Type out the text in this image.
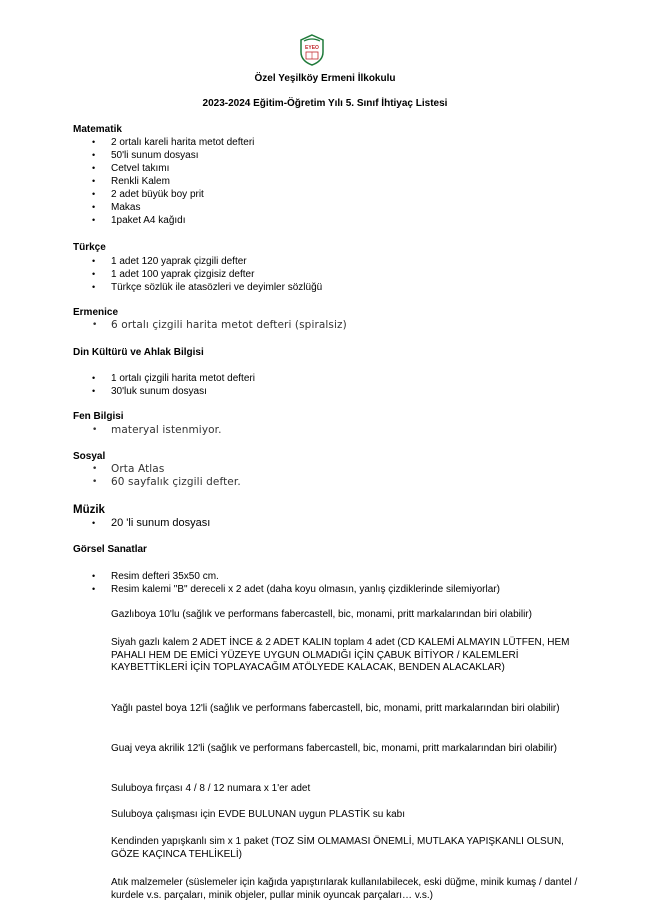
EYEO
Özel Yeşilköy Ermeni İlkokulu
2023-2024 Eğitim-Öğretim Yılı 5. Sınıf İhtiyaç Listesi
Matematik
• 2 ortalı kareli harita metot defteri
• 50'li sunum dosyası
• Cetvel takımı
• Renkli Kalem
• 2 adet büyük boy prit
• Makas
• 1paket A4 kağıdı
Türkçe
• 1 adet 120 yaprak çizgili defter
• 1 adet 100 yaprak çizgisiz defter
• Türkçe sözlük ile atasözleri ve deyimler sözlüğü
Ermenice
• 6 ortalı çizgili harita metot defteri (spiralsiz)
Din Kültürü ve Ahlak Bilgisi
• 1 ortalı çizgili harita metot defteri
• 30'luk sunum dosyası
Fen Bilgisi
• materyal istenmiyor.
Sosyal
• Orta Atlas
• 60 sayfalık çizgili defter.
Müzik
• 20 'li sunum dosyası
Görsel Sanatlar
• Resim defteri 35x50 cm.
• Resim kalemi "B" dereceli x 2 adet (daha koyu olmasın, yanlış çizdiklerinde silemiyorlar)
Gazlıboya 10'lu (sağlık ve performans fabercastell, bic, monami, pritt markalarından biri olabilir)
Siyah gazlı kalem 2 ADET İNCE & 2 ADET KALIN toplam 4 adet (CD KALEMİ ALMAYIN LÜTFEN, HEM PAHALI HEM DE EMİCİ YÜZEYE UYGUN OLMADIĞI İÇİN ÇABUK BİTİYOR / KALEMLERİ KAYBETTİKLERİ İÇİN TOPLAYACAĞIM ATÖLYEDE KALACAK, BENDEN ALACAKLAR)
Yağlı pastel boya 12'li (sağlık ve performans fabercastell, bic, monami, pritt markalarından biri olabilir)
Guaj veya akrilik 12'li (sağlık ve performans fabercastell, bic, monami, pritt markalarından biri olabilir)
Suluboya fırçası 4 / 8 / 12 numara x 1'er adet
Suluboya çalışması için EVDE BULUNAN uygun PLASTİK su kabı
Kendinden yapışkanlı sim x 1 paket (TOZ SİM OLMAMASI ÖNEMLİ, MUTLAKA YAPIŞKANLI OLSUN, GÖZE KAÇINCA TEHLİKELİ)
Atık malzemeler (süslemeler için kağıda yapıştırılarak kullanılabilecek, eski düğme, minik kumaş / dantel / kurdele v.s. parçaları, minik objeler, pullar minik oyuncak parçaları… v.s.)
